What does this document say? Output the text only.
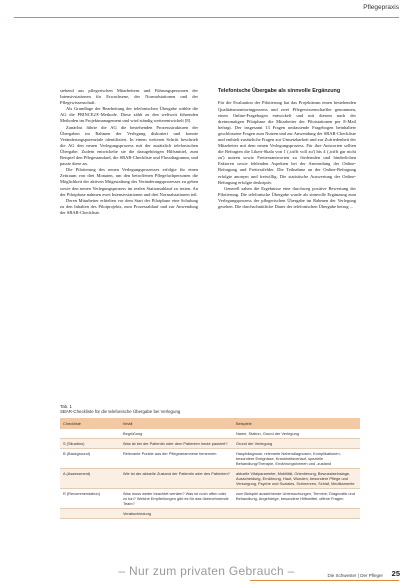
Pflegepraxis

stehend aus pflegerischen Mitarbeitern und Führungspersonen der Intensivstationen für Erwachsene, der Normalstationen und der Pflegewissenschaft.

Als Grundlage der Bearbeitung der telefonischen Übergabe wählte die AG die PRINCE2®-Methode. Diese zählt zu den weltweit führenden Methoden im Projektmanagement und wird ständig weiterentwickelt [8].

Zunächst führte die AG die bestehenden Prozessstrukturen der Übergaben im Rahmen der Verlegung diskutiert und konnte Veränderungspotenziale identifiziert. In einem weiteren Schritt beschrieb die AG den neuen Verlegungsprozess mit der zusätzlich telefonischen Übergabe. Zudem entwickelte sie die dazugehörigen Hilfsmittel, zum Beispiel den Pflegestandard, die SBAR-Checkliste und Flussdiagramm, und passte diese an.

Die Pilotierung des neuen Verlegungsprozesses erfolgte für einen Zeitraum von drei Monaten, um den betroffenen Pflegefachpersonen die Möglichkeit der aktiven Mitgestaltung des Veränderungsprozesses zu geben sowie den neuen Verlegungsprozess im realen Stationsablauf zu testen. An der Pilotphase nahmen zwei Intensivstationen und drei Normalstationen teil.

Deren Mitarbeiter erhielten vor dem Start der Pilotphase eine Schulung zu den Inhalten des Pilotprojekts, zum Prozessablauf und zur Anwendung der SBAR-Checkliste.

Telefonische Übergabe als sinnvolle Ergänzung

Für die Evaluation der Pilotierung hat das Projektteam einen bestehenden Qualitätsmonitoringprozess und zwei Pflegewissenschaftler genommen, einen Online-Fragebogen entwickelt und mit diesem nach der dreimonatigen Pilotphase die Mitarbeiter der Pilotstationen per E-Mail befragt. Der insgesamt 13 Fragen umfassende Fragebogen beinhaltete geschlossene Fragen zum Nutzen und zur Anwendung der SBAR-Checkliste und enthielt zusätzliche Fragen zur Umsetzbarkeit und zur Zufriedenheit der Mitarbeiter mit dem neuen Verlegungsprozess. Für ihre Antworten sollten die Befragten die Likert-Skala von 1 (‚trifft voll zu') bis 4 (‚trifft gar nicht zu') nutzen sowie Freitextantworten zu fördernden und hinderlichen Faktoren sowie fehlenden Aspekten bei der Anwendung der Online-Befragung und Freitextfelder. Die Teilnahme an der Online-Befragung erfolgte anonym und freiwillig. Die statistische Auswertung der Online-Befragung erfolgte deskriptiv.

Generell sahen die Ergebnisse eine durchweg positive Bewertung der Pilotierung. Die telefonische Übergabe wurde als sinnvolle Ergänzung zum Verlegungsprozess der pflegerischen Übergabe im Rahmen der Verlegung gesehen. Die durchschnittliche Dauer der telefonischen Übergabe betrug ...

Tab. 1
SBAR-Checkliste für die telefonische Übergabe bei Verlegung
Checkliste	Inhalt	Beispiele
	Begrüßung	Name, Station, Grund der Verlegung
S (Situation)	Was ist bei der Patientin oder dem Patienten heute passiert?	Grund der Verlegung
B (Background)	Relevante Punkte aus der Pflegeanamnese benennen	Hauptdiagnose, relevante Nebendiagnosen, Komplikationen, besondere Ereignisse, Krankheitsverlauf, spezielle Behandlung/Therapie, Ernährungsformen und -zustand
A (Assessment)	Wie ist der aktuelle Zustand der Patientin oder des Patienten?	aktuelle Vitalparameter, Mobilität, Orientierung, Bewusstseinslage, Ausscheidung, Ernährung, Haut, Wunden, besondere Pflege und Versorgung, Psyche und Soziales, Schmerzen, Schlaf, Medikamente
R (Recommendation)	Was muss weiter beachtet werden? Was ist noch offen oder zu tun? Welche Empfehlungen gibt es für das übernehmende Team?	zum Beispiel ausstehende Untersuchungen, Termine, Diagnostik und Behandlung, Angehörige, besondere Hilfsmittel, offene Fragen
	Verabschiedung	
– Nur zum privaten Gebrauch –	Die Schwester | Der Pfleger 25
